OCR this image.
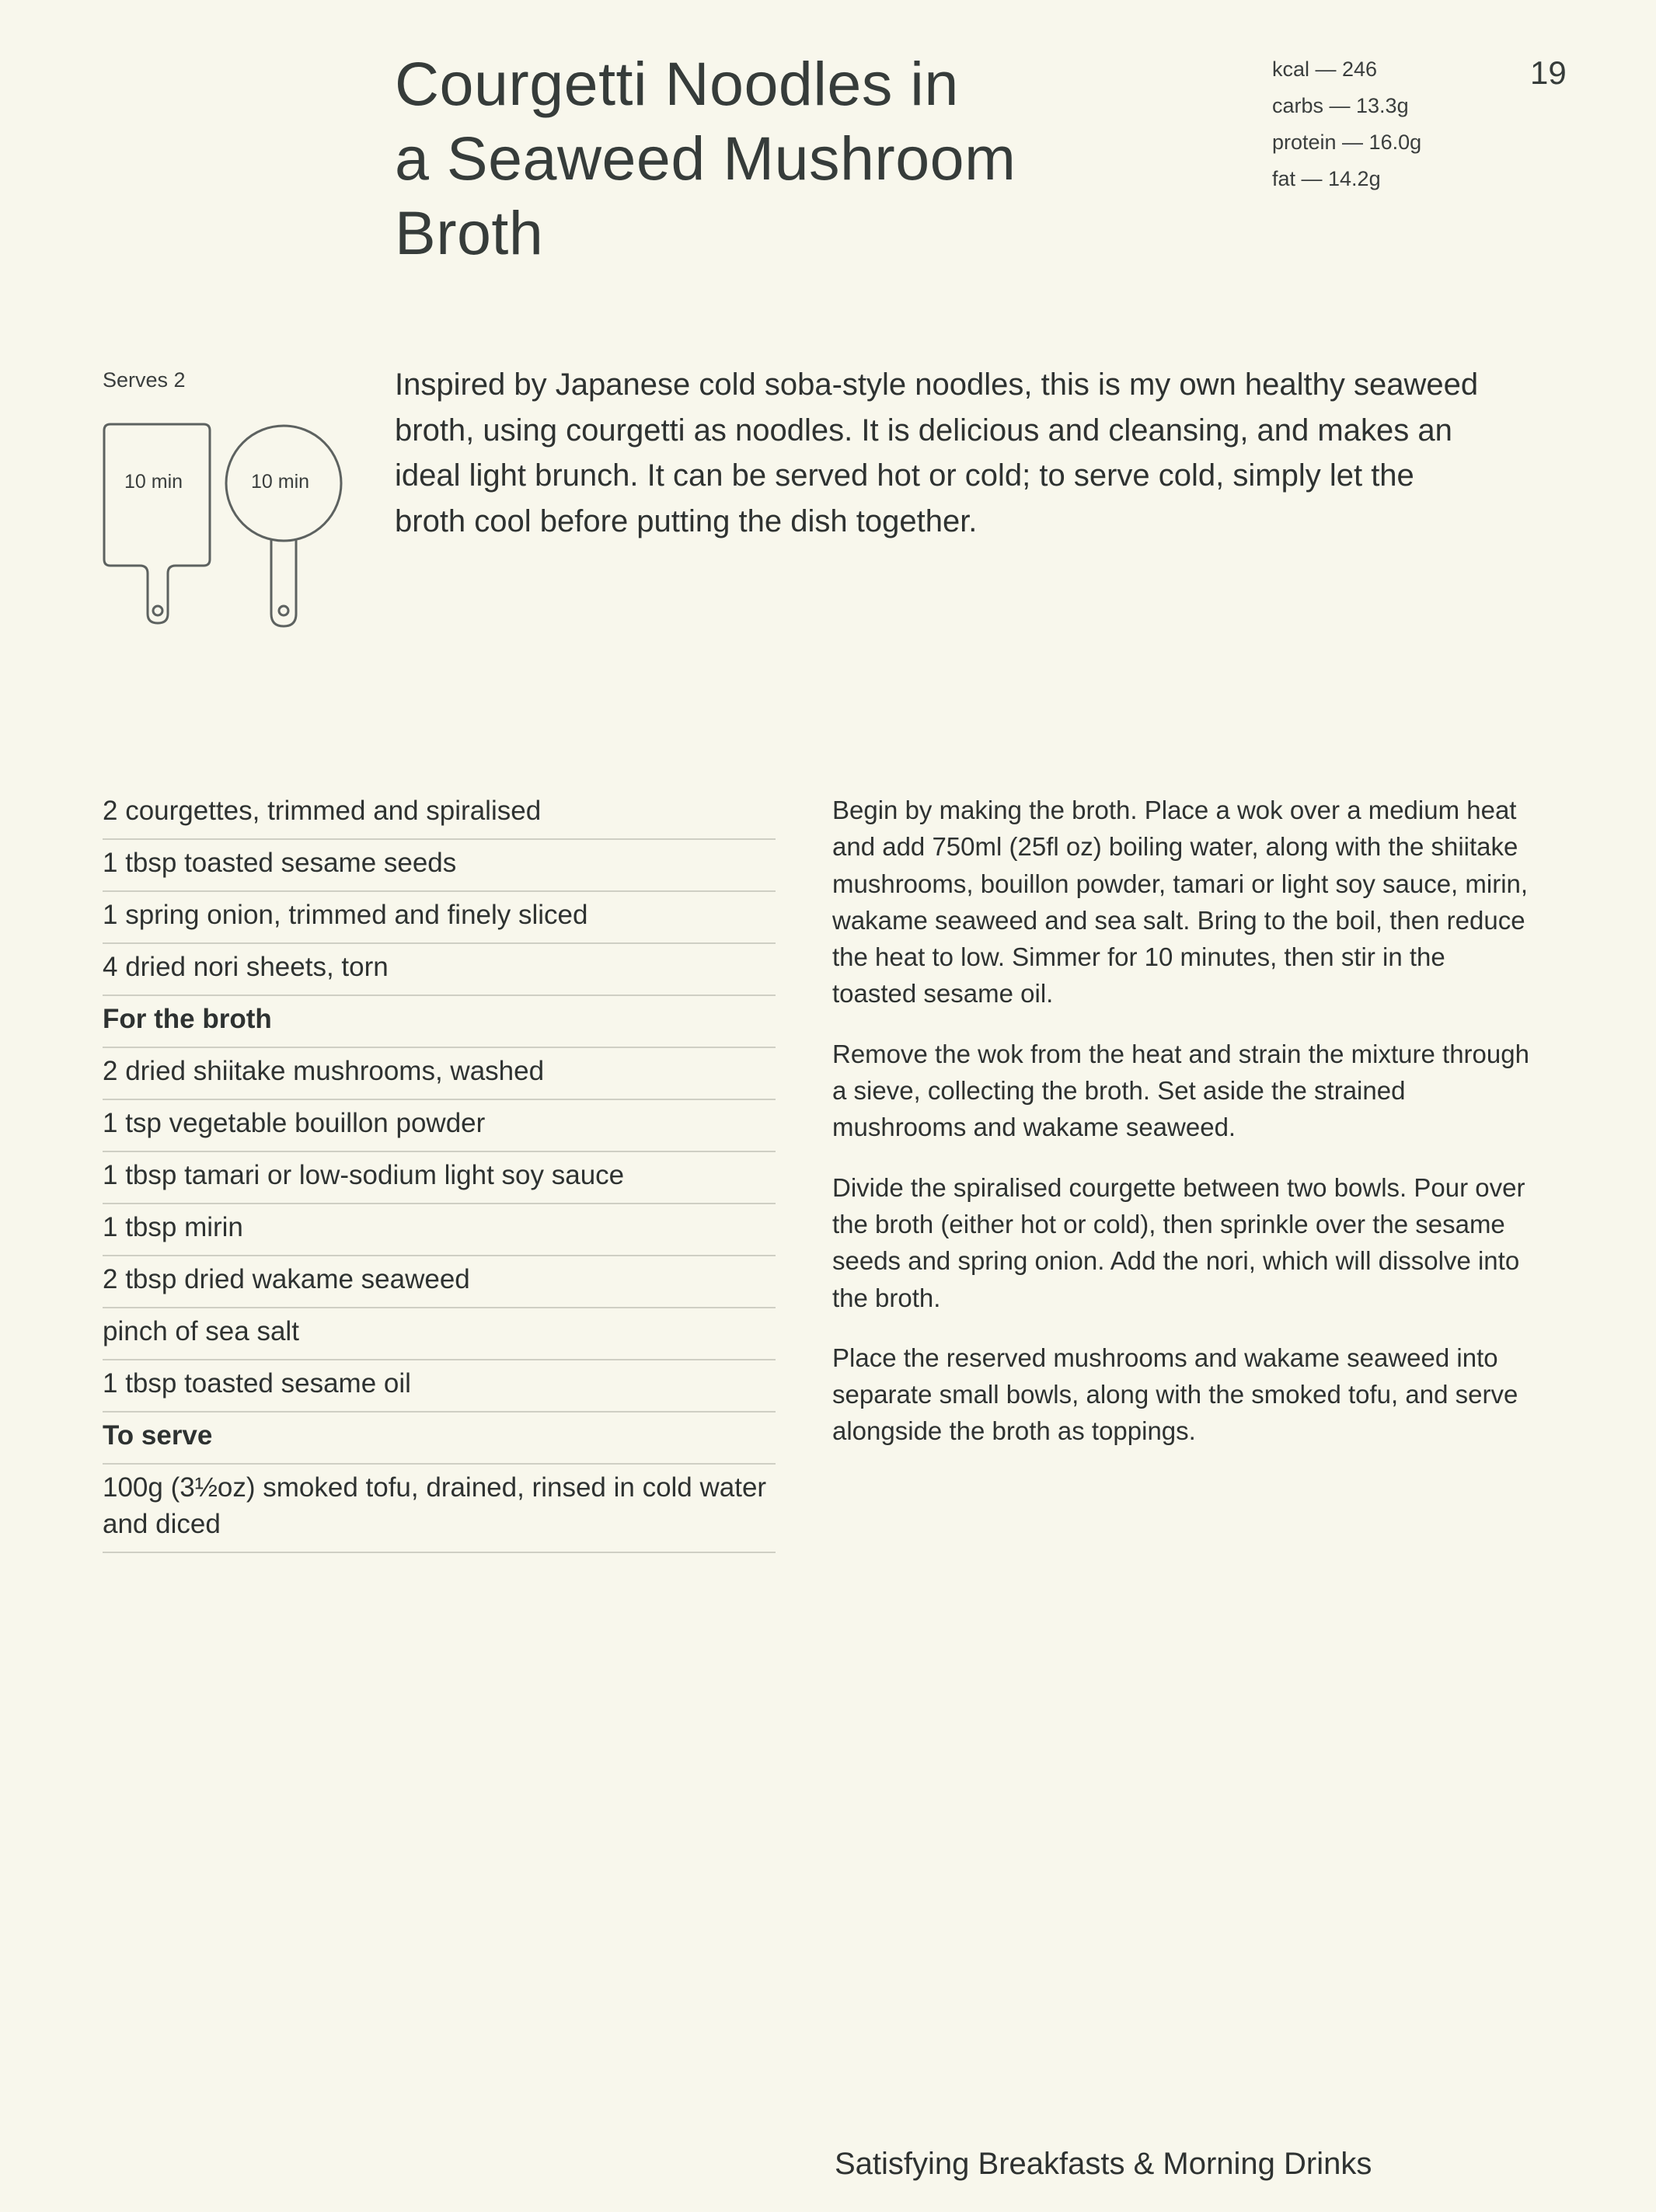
Courgetti Noodles in
a Seaweed Mushroom Broth
kcal — 246
carbs — 13.3g
protein — 16.0g
fat — 14.2g
19
Serves 2
10 min	10 min

Inspired by Japanese cold soba-style noodles, this is my own healthy seaweed broth, using courgetti as noodles. It is delicious and cleansing, and makes an ideal light brunch. It can be served hot or cold; to serve cold, simply let the broth cool before putting the dish together.

2 courgettes, trimmed and spiralised
1 tbsp toasted sesame seeds
1 spring onion, trimmed and finely sliced
4 dried nori sheets, torn
For the broth
2 dried shiitake mushrooms, washed
1 tsp vegetable bouillon powder
1 tbsp tamari or low-sodium light soy sauce
1 tbsp mirin
2 tbsp dried wakame seaweed
pinch of sea salt
1 tbsp toasted sesame oil
To serve
100g (3½oz) smoked tofu, drained, rinsed in cold water and diced

Begin by making the broth. Place a wok over a medium heat and add 750ml (25fl oz) boiling water, along with the shiitake mushrooms, bouillon powder, tamari or light soy sauce, mirin, wakame seaweed and sea salt. Bring to the boil, then reduce the heat to low. Simmer for 10 minutes, then stir in the toasted sesame oil.

Remove the wok from the heat and strain the mixture through a sieve, collecting the broth. Set aside the strained mushrooms and wakame seaweed.

Divide the spiralised courgette between two bowls. Pour over the broth (either hot or cold), then sprinkle over the sesame seeds and spring onion. Add the nori, which will dissolve into the broth.

Place the reserved mushrooms and wakame seaweed into separate small bowls, along with the smoked tofu, and serve alongside the broth as toppings.

Satisfying Breakfasts & Morning Drinks
